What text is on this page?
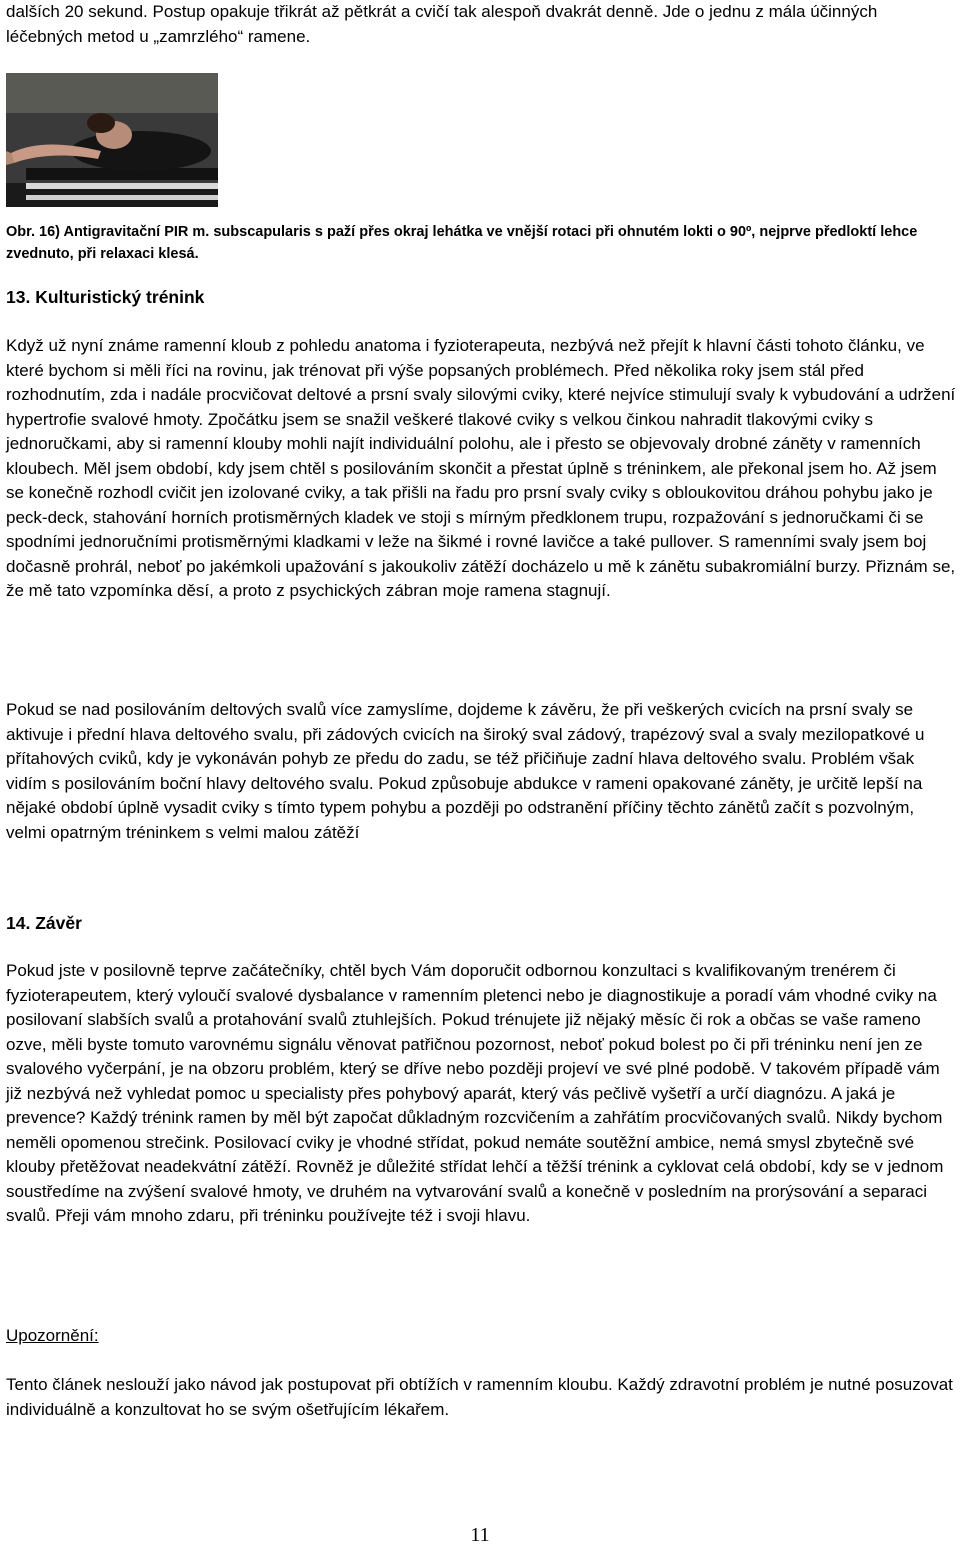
dalších 20 sekund. Postup opakuje třikrát až pětkrát a cvičí tak alespoň dvakrát denně. Jde o jednu z mála účinných léčebných metod u „zamrzlého“ ramene.

Obr. 16) Antigravitační PIR m. subscapularis s paží přes okraj lehátka ve vnější rotaci při ohnutém lokti o 90º, nejprve předloktí lehce zvednuto, při relaxaci klesá.

13. Kulturistický trénink

Když už nyní známe ramenní kloub z pohledu anatoma i fyzioterapeuta, nezbývá než přejít k hlavní části tohoto článku, ve které bychom si měli říci na rovinu, jak trénovat při výše popsaných problémech. Před několika roky jsem stál před rozhodnutím, zda i nadále procvičovat deltové a prsní svaly silovými cviky, které nejvíce stimulují svaly k vybudování a udržení hypertrofie svalové hmoty. Zpočátku jsem se snažil veškeré tlakové cviky s velkou činkou nahradit tlakovými cviky s jednoručkami, aby si ramenní klouby mohli najít individuální polohu, ale i přesto se objevovaly drobné záněty v ramenních kloubech. Měl jsem období, kdy jsem chtěl s posilováním skončit a přestat úplně s tréninkem, ale překonal jsem ho. Až jsem se konečně rozhodl cvičit jen izolované cviky, a tak přišli na řadu pro prsní svaly cviky s obloukovitou dráhou pohybu jako je peck-deck, stahování horních protisměrných kladek ve stoji s mírným předklonem trupu, rozpažování s jednoručkami či se spodními jednoručními protisměrnými kladkami v leže na šikmé i rovné lavičce a také pullover. S ramenními svaly jsem boj dočasně prohrál, neboť po jakémkoli upažování s jakoukoliv zátěží docházelo u mě k zánětu subakromiální burzy. Přiznám se, že mě tato vzpomínka děsí, a proto z psychických zábran moje ramena stagnují.

Pokud se nad posilováním deltových svalů více zamyslíme, dojdeme k závěru, že při veškerých cvicích na prsní svaly se aktivuje i přední hlava deltového svalu, při zádových cvicích na široký sval zádový, trapézový sval a svaly mezilopatkové u přítahových cviků, kdy je vykonáván pohyb ze předu do zadu, se též přičiňuje zadní hlava deltového svalu. Problém však vidím s posilováním boční hlavy deltového svalu. Pokud způsobuje abdukce v rameni opakované záněty, je určitě lepší na nějaké období úplně vysadit cviky s tímto typem pohybu a později po odstranění příčiny těchto zánětů začít s pozvolným, velmi opatrným tréninkem s velmi malou zátěží

14. Závěr

Pokud jste v posilovně teprve začátečníky, chtěl bych Vám doporučit odbornou konzultaci s kvalifikovaným trenérem či fyzioterapeutem, který vyloučí svalové dysbalance v ramenním pletenci nebo je diagnostikuje a poradí vám vhodné cviky na posilovaní slabších svalů a protahování svalů ztuhlejších. Pokud trénujete již nějaký měsíc či rok a občas se vaše rameno ozve, měli byste tomuto varovnému signálu věnovat patřičnou pozornost, neboť pokud bolest po či při tréninku není jen ze svalového vyčerpání, je na obzoru problém, který se dříve nebo později projeví ve své plné podobě. V takovém případě vám již nezbývá než vyhledat pomoc u specialisty přes pohybový aparát, který vás pečlivě vyšetří a určí diagnózu. A jaká je prevence? Každý trénink ramen by měl být započat důkladným rozcvičením a zahřátím procvičovaných svalů. Nikdy bychom neměli opomenou strečink. Posilovací cviky je vhodné střídat, pokud nemáte soutěžní ambice, nemá smysl zbytečně své klouby přetěžovat neadekvátní zátěží. Rovněž je důležité střídat lehčí a těžší trénink a cyklovat celá období, kdy se v jednom soustředíme na zvýšení svalové hmoty, ve druhém na vytvarování svalů a konečně v posledním na prorýsování a separaci svalů. Přeji vám mnoho zdaru, při tréninku používejte též i svoji hlavu.

Upozornění:

Tento článek neslouží jako návod jak postupovat při obtížích v ramenním kloubu. Každý zdravotní problém je nutné posuzovat individuálně a konzultovat ho se svým ošetřujícím lékařem.

11
